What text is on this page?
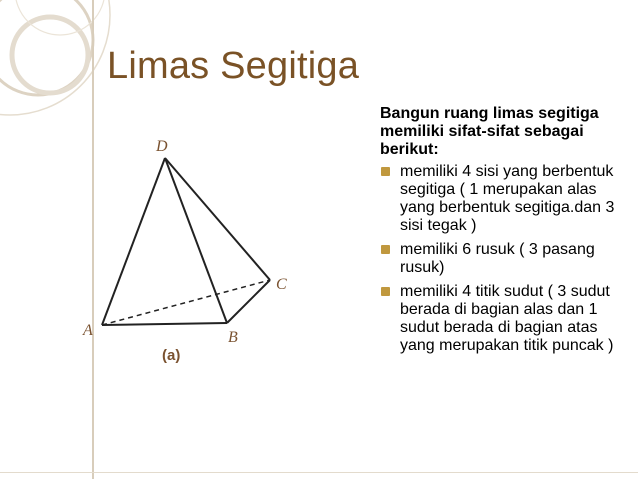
Limas Segitiga
D
A	B
C
(a)

Bangun ruang limas segitiga memiliki sifat-sifat sebagai berikut:

memiliki 4 sisi yang berbentuk segitiga ( 1 merupakan alas yang berbentuk segitiga.dan 3 sisi tegak )
memiliki 6 rusuk ( 3 pasang rusuk)
memiliki 4 titik sudut ( 3 sudut berada di bagian alas dan 1 sudut berada di bagian atas yang merupakan titik puncak )
